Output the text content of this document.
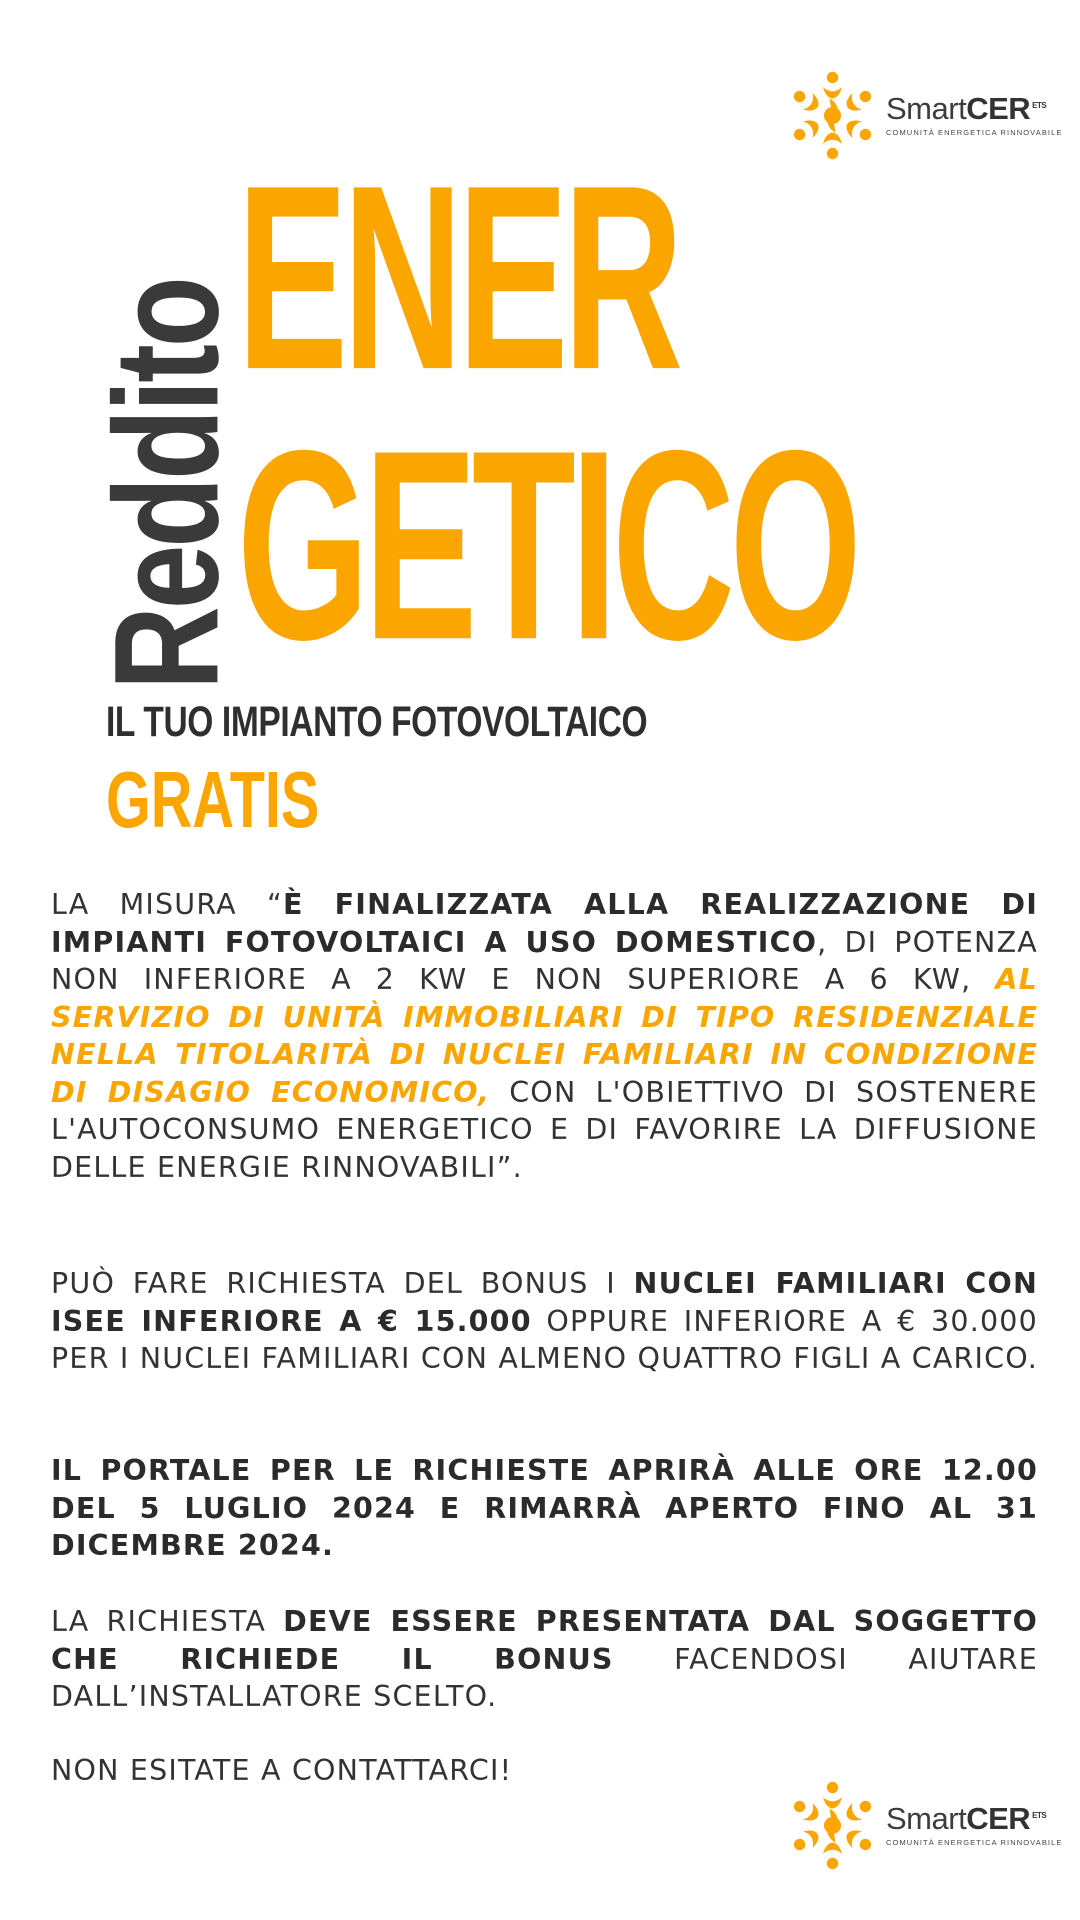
SmartCER $^{ETS}$
COMUNITÀ ENERGETICA RINNOVABILE
Reddito
ENER
GETICO
IL TUO IMPIANTO FOTOVOLTAICO
GRATIS
LA MISURA “È FINALIZZATA ALLA REALIZZAZIONE DI IMPIANTI FOTOVOLTAICI A USO DOMESTICO, DI POTENZA NON INFERIORE A 2 KW E NON SUPERIORE A 6 KW, AL SERVIZIO DI UNITÀ IMMOBILIARI DI TIPO RESIDENZIALE NELLA TITOLARITÀ DI NUCLEI FAMILIARI IN CONDIZIONE DI DISAGIO ECONOMICO, CON L'OBIETTIVO DI SOSTENERE L'AUTOCONSUMO ENERGETICO E DI FAVORIRE LA DIFFUSIONE DELLE ENERGIE RINNOVABILI”.
PUÒ FARE RICHIESTA DEL BONUS I NUCLEI FAMILIARI CON ISEE INFERIORE A € 15.000 OPPURE INFERIORE A € 30.000 PER I NUCLEI FAMILIARI CON ALMENO QUATTRO FIGLI A CARICO.
IL PORTALE PER LE RICHIESTE APRIRÀ ALLE ORE 12.00 DEL 5 LUGLIO 2024 E RIMARRÀ APERTO FINO AL 31 DICEMBRE 2024.
LA RICHIESTA DEVE ESSERE PRESENTATA DAL SOGGETTO CHE RICHIEDE IL BONUS FACENDOSI AIUTARE DALL’INSTALLATORE SCELTO.
NON ESITATE A CONTATTARCI!
SmartCER $^{ETS}$
COMUNITÀ ENERGETICA RINNOVABILE
